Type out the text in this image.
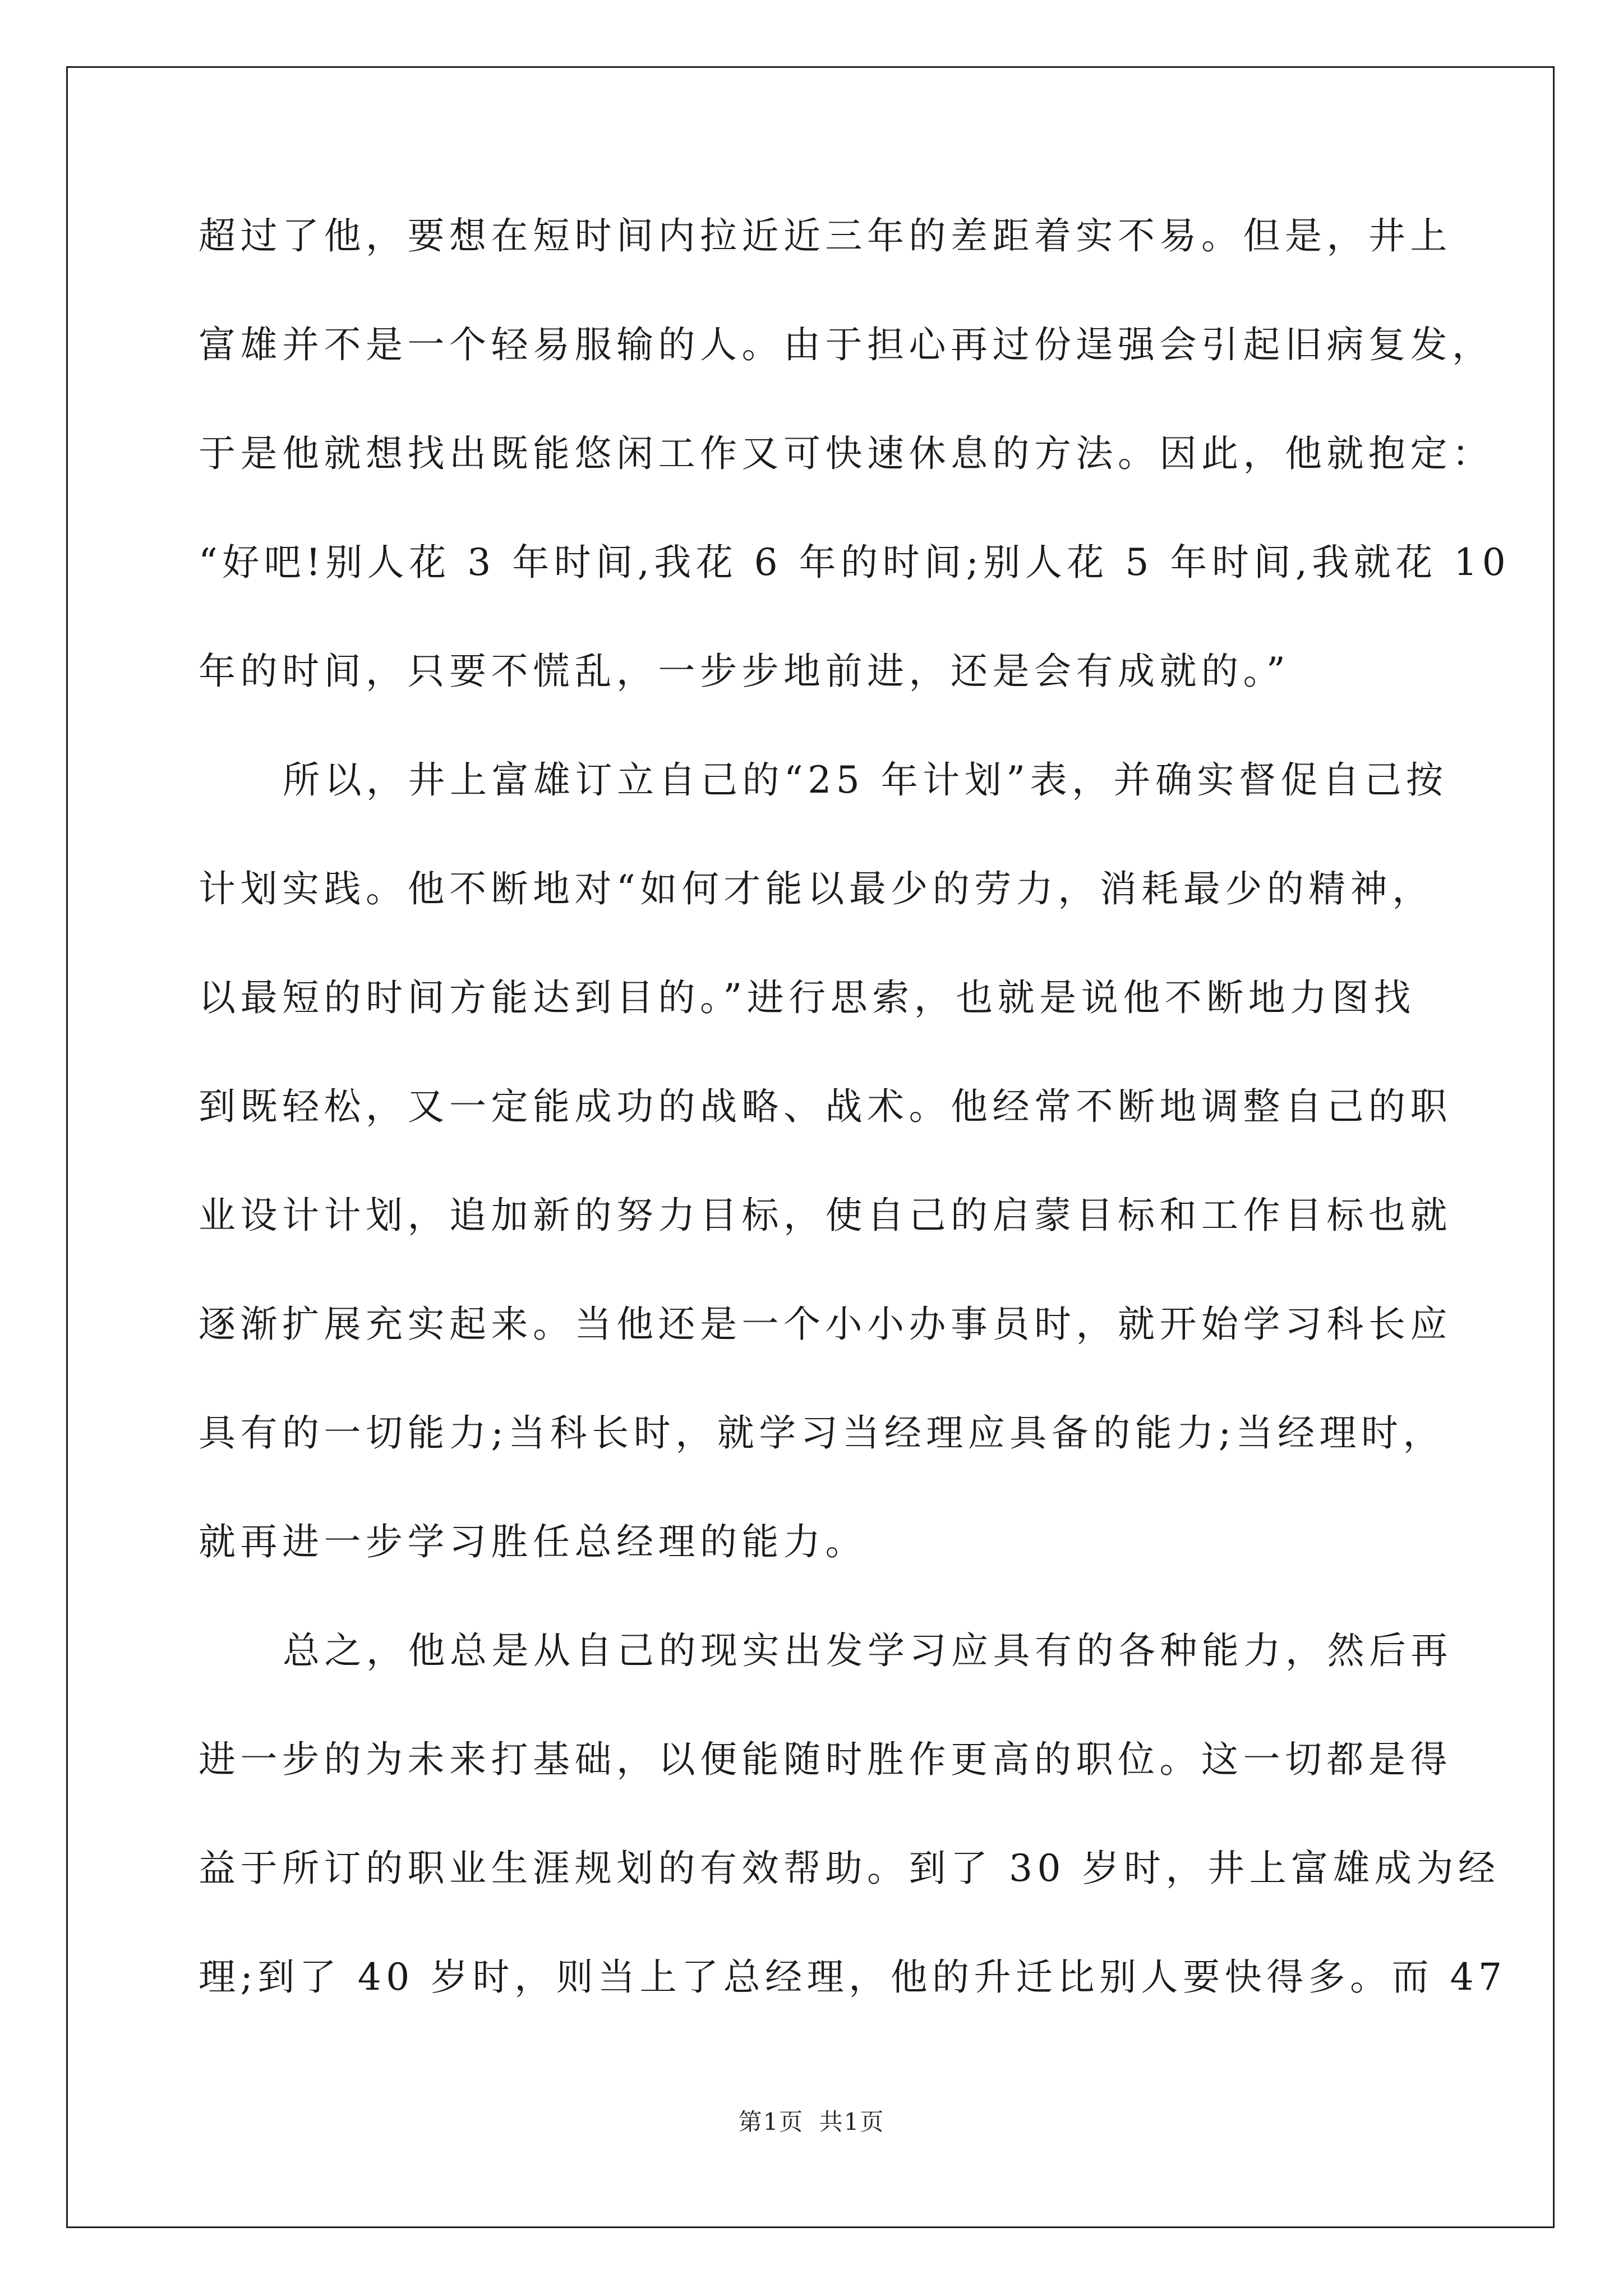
超过了他，要想在短时间内拉近近三年的差距着实不易。但是，井上
富雄并不是一个轻易服输的人。由于担心再过份逞强会引起旧病复发，
于是他就想找出既能悠闲工作又可快速休息的方法。因此，他就抱定：
“好吧!别人花 3 年时间,我花 6 年的时间;别人花 5 年时间,我就花 10
年的时间，只要不慌乱，一步步地前进，还是会有成就的。”
所以，井上富雄订立自己的“25 年计划”表，并确实督促自己按
计划实践。他不断地对“如何才能以最少的劳力，消耗最少的精神，
以最短的时间方能达到目的。”进行思索，也就是说他不断地力图找
到既轻松，又一定能成功的战略、战术。他经常不断地调整自己的职
业设计计划，追加新的努力目标，使自己的启蒙目标和工作目标也就
逐渐扩展充实起来。当他还是一个小小办事员时，就开始学习科长应
具有的一切能力;当科长时，就学习当经理应具备的能力;当经理时，
就再进一步学习胜任总经理的能力。
总之，他总是从自己的现实出发学习应具有的各种能力，然后再
进一步的为未来打基础，以便能随时胜作更高的职位。这一切都是得
益于所订的职业生涯规划的有效帮助。到了 30 岁时，井上富雄成为经
理;到了 40 岁时，则当上了总经理，他的升迁比别人要快得多。而 47
第1页 共1页
